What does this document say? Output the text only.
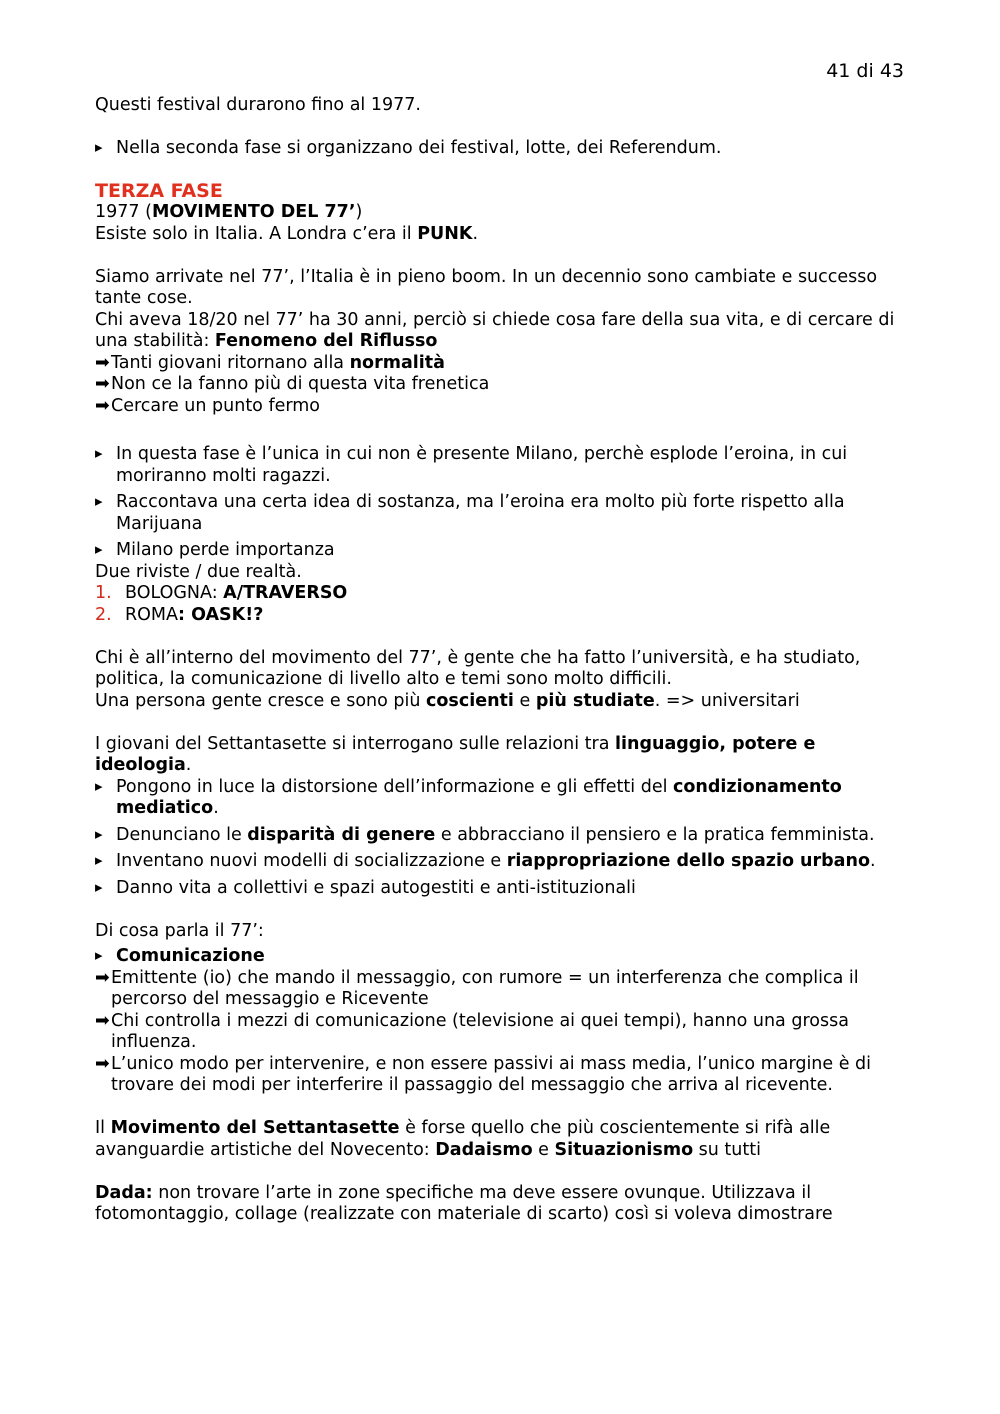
41 di 43

Questi festival durarono fino al 1977.

▸ Nella seconda fase si organizzano dei festival, lotte, dei Referendum.

TERZA FASE

1977 (MOVIMENTO DEL 77’)

Esiste solo in Italia. A Londra c’era il PUNK.

Siamo arrivate nel 77’, l’Italia è in pieno boom. In un decennio sono cambiate e successo tante cose.

Chi aveva 18/20 nel 77’ ha 30 anni, perciò si chiede cosa fare della sua vita, e di cercare di una stabilità: Fenomeno del Riflusso

➡ Tanti giovani ritornano alla normalità

➡ Non ce la fanno più di questa vita frenetica

➡ Cercare un punto fermo

▸ In questa fase è l’unica in cui non è presente Milano, perchè esplode l’eroina, in cui moriranno molti ragazzi.

▸ Raccontava una certa idea di sostanza, ma l’eroina era molto più forte rispetto alla Marijuana

▸ Milano perde importanza

Due riviste / due realtà.

1. BOLOGNA: A/TRAVERSO

2. ROMA: OASK!?

Chi è all’interno del movimento del 77’, è gente che ha fatto l’università, e ha studiato, politica, la comunicazione di livello alto e temi sono molto difficili.

Una persona gente cresce e sono più coscienti e più studiate. => universitari

I giovani del Settantasette si interrogano sulle relazioni tra linguaggio, potere e ideologia.

▸ Pongono in luce la distorsione dell’informazione e gli effetti del condizionamento mediatico.

▸ Denunciano le disparità di genere e abbracciano il pensiero e la pratica femminista.

▸ Inventano nuovi modelli di socializzazione e riappropriazione dello spazio urbano.

▸ Danno vita a collettivi e spazi autogestiti e anti-istituzionali

Di cosa parla il 77’:

▸ Comunicazione

➡ Emittente (io) che mando il messaggio, con rumore = un interferenza che complica il percorso del messaggio e Ricevente

➡ Chi controlla i mezzi di comunicazione (televisione ai quei tempi), hanno una grossa influenza.

➡ L’unico modo per intervenire, e non essere passivi ai mass media, l’unico margine è di trovare dei modi per interferire il passaggio del messaggio che arriva al ricevente.

Il Movimento del Settantasette è forse quello che più coscientemente si rifà alle avanguardie artistiche del Novecento: Dadaismo e Situazionismo su tutti

Dada: non trovare l’arte in zone specifiche ma deve essere ovunque. Utilizzava il fotomontaggio, collage (realizzate con materiale di scarto) così si voleva dimostrare
